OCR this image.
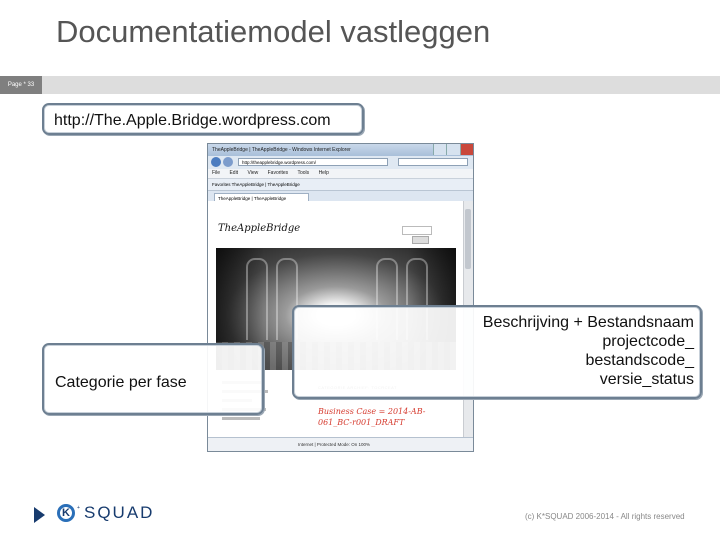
Documentatiemodel vastleggen
Page * 33
TheAppleBridge | TheAppleBridge - Windows Internet Explorer
http://theapplebridge.wordpress.com/
File Edit View Favorites Tools Help
Favorites TheAppleBridge | TheAppleBridge
TheAppleBridge | TheAppleBridge
TheAppleBridge
Business Case = 2014-AB-061_BC-r001_DRAFT
Internet | Protected Mode: On 100%
http://The.Apple.Bridge.wordpress.com
Categorie per fase
Beschrijving + Bestandsnaam
projectcode_
bestandscode_
versie_status
K	+ SQUAD	(c) K*SQUAD 2006-2014 - All rights reserved
